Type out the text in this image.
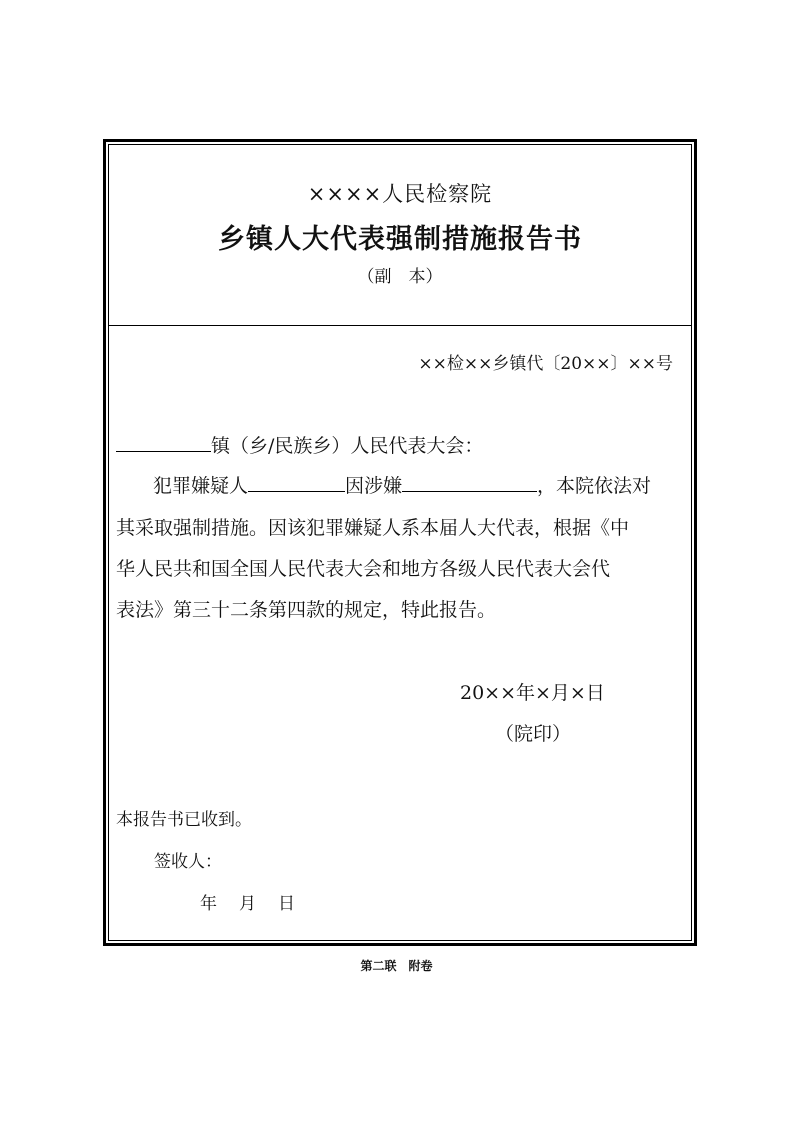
××××人民检察院
乡镇人大代表强制措施报告书
（副　本）
××检××乡镇代〔20××〕××号
镇（乡/民族乡）人民代表大会：
犯罪嫌疑人	因涉嫌	，本院依法对
其采取强制措施。因该犯罪嫌疑人系本届人大代表，根据《中
华人民共和国全国人民代表大会和地方各级人民代表大会代
表法》第三十二条第四款的规定，特此报告。
20××年×月×日
（院印）
本报告书已收到。
签收人：
年 月 日
第二联　附卷
